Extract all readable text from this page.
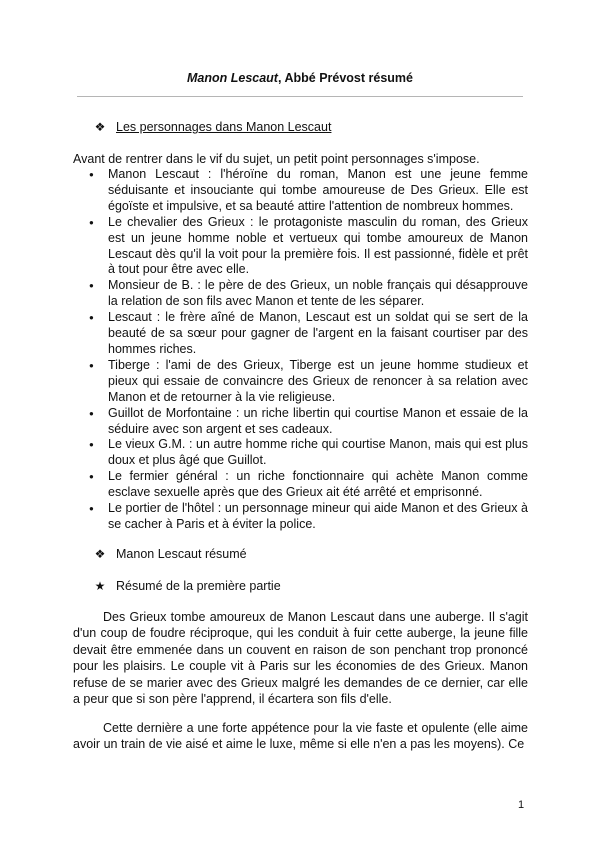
Manon Lescaut, Abbé Prévost résumé
❖ Les personnages dans Manon Lescaut
Avant de rentrer dans le vif du sujet, un petit point personnages s'impose.
● Manon Lescaut : l'héroïne du roman, Manon est une jeune femme séduisante et insouciante qui tombe amoureuse de Des Grieux. Elle est égoïste et impulsive, et sa beauté attire l'attention de nombreux hommes.
● Le chevalier des Grieux : le protagoniste masculin du roman, des Grieux est un jeune homme noble et vertueux qui tombe amoureux de Manon Lescaut dès qu'il la voit pour la première fois. Il est passionné, fidèle et prêt à tout pour être avec elle.
● Monsieur de B. : le père de des Grieux, un noble français qui désapprouve la relation de son fils avec Manon et tente de les séparer.
● Lescaut : le frère aîné de Manon, Lescaut est un soldat qui se sert de la beauté de sa sœur pour gagner de l'argent en la faisant courtiser par des hommes riches.
● Tiberge : l'ami de des Grieux, Tiberge est un jeune homme studieux et pieux qui essaie de convaincre des Grieux de renoncer à sa relation avec Manon et de retourner à la vie religieuse.
● Guillot de Morfontaine : un riche libertin qui courtise Manon et essaie de la séduire avec son argent et ses cadeaux.
● Le vieux G.M. : un autre homme riche qui courtise Manon, mais qui est plus doux et plus âgé que Guillot.
● Le fermier général : un riche fonctionnaire qui achète Manon comme esclave sexuelle après que des Grieux ait été arrêté et emprisonné.
● Le portier de l'hôtel : un personnage mineur qui aide Manon et des Grieux à se cacher à Paris et à éviter la police.
❖ Manon Lescaut résumé
★ Résumé de la première partie

Des Grieux tombe amoureux de Manon Lescaut dans une auberge. Il s'agit d'un coup de foudre réciproque, qui les conduit à fuir cette auberge, la jeune fille devait être emmenée dans un couvent en raison de son penchant trop prononcé pour les plaisirs. Le couple vit à Paris sur les économies de des Grieux. Manon refuse de se marier avec des Grieux malgré les demandes de ce dernier, car elle a peur que si son père l'apprend, il écartera son fils d'elle.

Cette dernière a une forte appétence pour la vie faste et opulente (elle aime avoir un train de vie aisé et aime le luxe, même si elle n'en a pas les moyens). Ce

1
